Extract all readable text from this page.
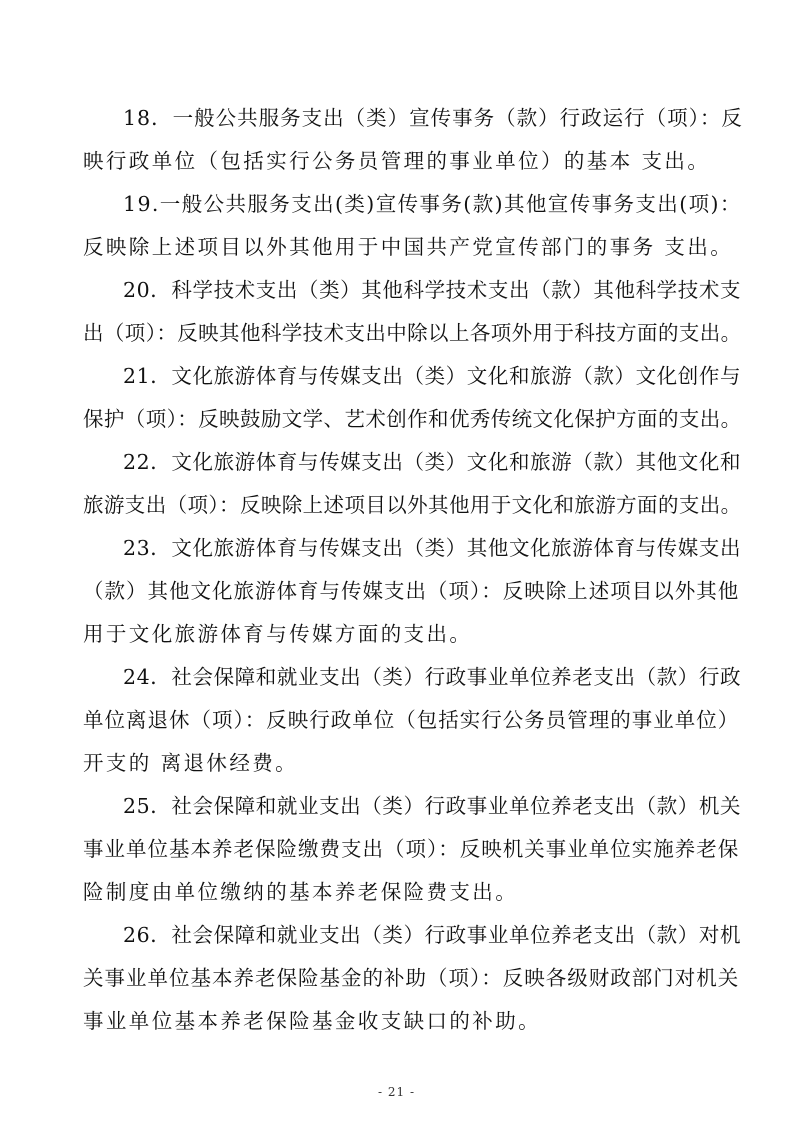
18．一般公共服务支出（类）宣传事务（款）行政运行（项）：反
映行政单位（包括实行公务员管理的事业单位）的基本 支出。
19.一般公共服务支出(类)宣传事务(款)其他宣传事务支出(项)：
反映除上述项目以外其他用于中国共产党宣传部门的事务 支出。
20．科学技术支出（类）其他科学技术支出（款）其他科学技术支
出（项）：反映其他科学技术支出中除以上各项外用于科技方面的支出。
21．文化旅游体育与传媒支出（类）文化和旅游（款）文化创作与
保护（项）：反映鼓励文学、艺术创作和优秀传统文化保护方面的支出。
22．文化旅游体育与传媒支出（类）文化和旅游（款）其他文化和
旅游支出（项）：反映除上述项目以外其他用于文化和旅游方面的支出。
23．文化旅游体育与传媒支出（类）其他文化旅游体育与传媒支出
（款）其他文化旅游体育与传媒支出（项）：反映除上述项目以外其他
用于文化旅游体育与传媒方面的支出。
24．社会保障和就业支出（类）行政事业单位养老支出（款）行政
单位离退休（项）：反映行政单位（包括实行公务员管理的事业单位）
开支的 离退休经费。
25．社会保障和就业支出（类）行政事业单位养老支出（款）机关
事业单位基本养老保险缴费支出（项）：反映机关事业单位实施养老保
险制度由单位缴纳的基本养老保险费支出。
26．社会保障和就业支出（类）行政事业单位养老支出（款）对机
关事业单位基本养老保险基金的补助（项）：反映各级财政部门对机关
事业单位基本养老保险基金收支缺口的补助。
- 21 -
